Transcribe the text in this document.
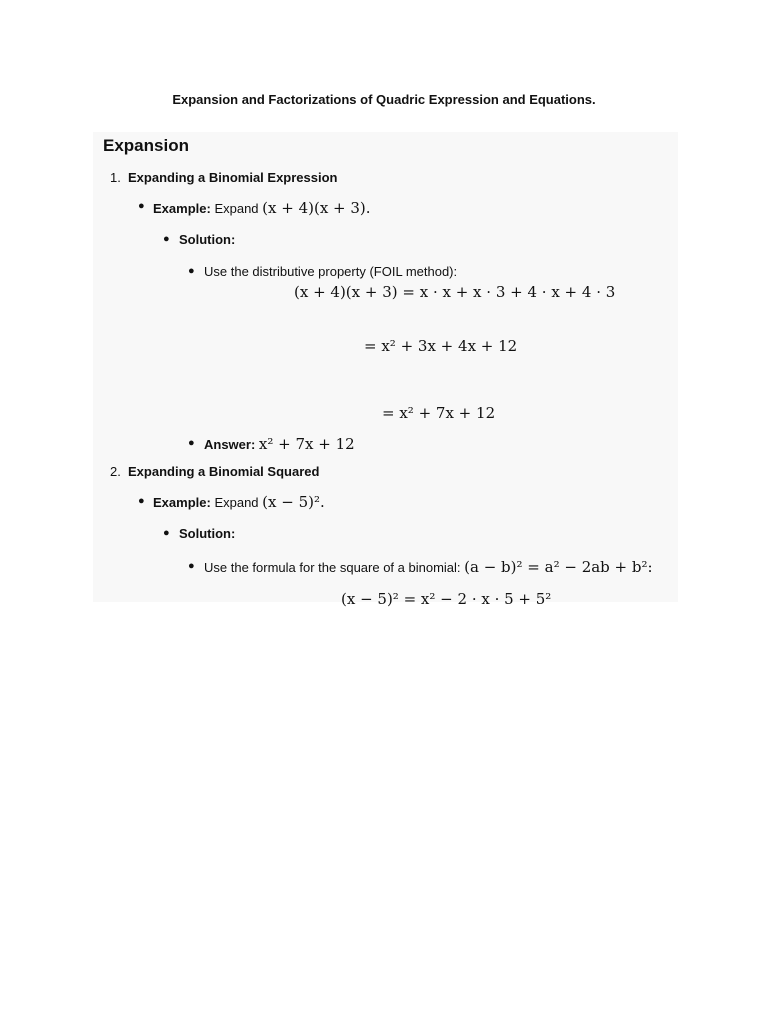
Expansion and Factorizations of Quadric Expression and Equations.
Expansion
1. Expanding a Binomial Expression
● Example: Expand (x + 4)(x + 3).
● Solution:
● Use the distributive property (FOIL method):
(x + 4)(x + 3) = x · x + x · 3 + 4 · x + 4 · 3
= x² + 3x + 4x + 12
= x² + 7x + 12
● Answer: x² + 7x + 12
2. Expanding a Binomial Squared
● Example: Expand (x − 5)².
● Solution:
● Use the formula for the square of a binomial: (a − b)² = a² − 2ab + b²:
(x − 5)² = x² − 2 · x · 5 + 5²
